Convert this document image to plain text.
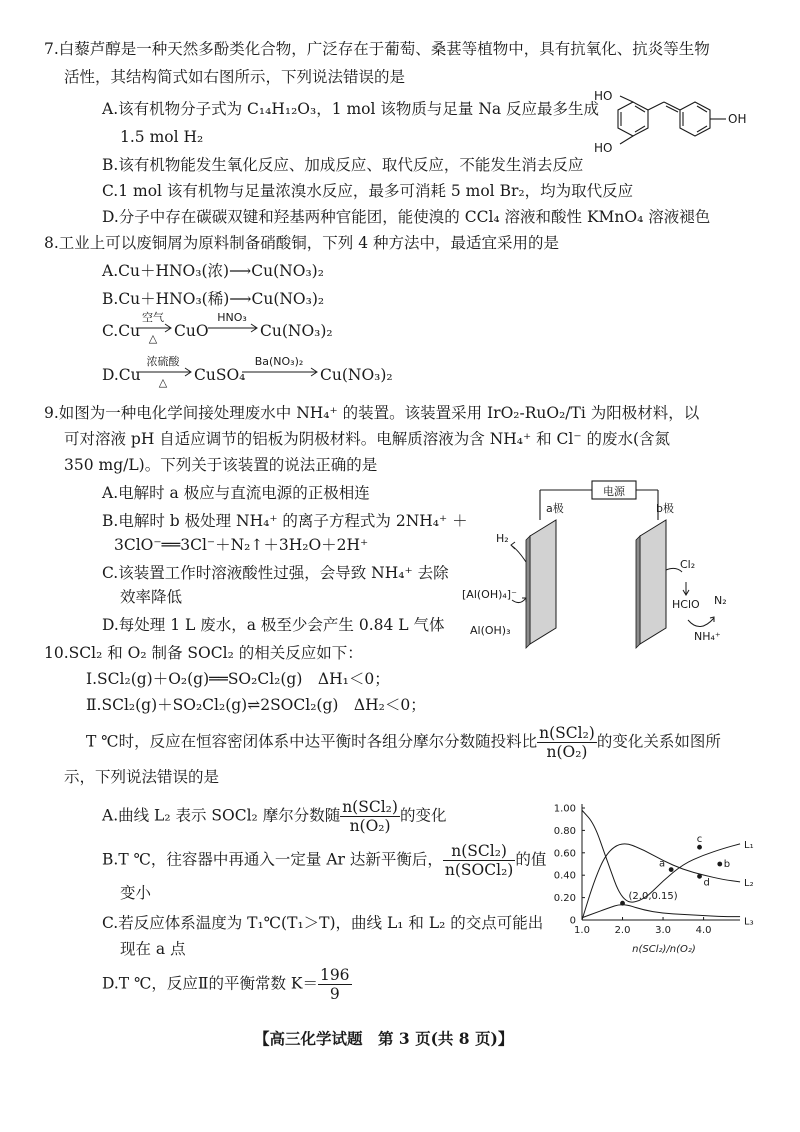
7.白藜芦醇是一种天然多酚类化合物，广泛存在于葡萄、桑葚等植物中，具有抗氧化、抗炎等生物
活性，其结构简式如右图所示，下列说法错误的是
A.该有机物分子式为 C₁₄H₁₂O₃，1 mol 该物质与足量 Na 反应最多生成
1.5 mol H₂
B.该有机物能发生氧化反应、加成反应、取代反应，不能发生消去反应
C.1 mol 该有机物与足量浓溴水反应，最多可消耗 5 mol Br₂，均为取代反应
D.分子中存在碳碳双键和羟基两种官能团，能使溴的 CCl₄ 溶液和酸性 KMnO₄ 溶液褪色
HO
HO
OH
8.工业上可以废铜屑为原料制备硝酸铜，下列 4 种方法中，最适宜采用的是
A.Cu＋HNO₃(浓)⟶Cu(NO₃)₂
B.Cu＋HNO₃(稀)⟶Cu(NO₃)₂
C.Cu
空气
△ CuO
HNO₃
Cu(NO₃)₂
D.Cu
浓硫酸
△ CuSO₄
Ba(NO₃)₂
Cu(NO₃)₂
9.如图为一种电化学间接处理废水中 NH₄⁺ 的装置。该装置采用 IrO₂-RuO₂/Ti 为阳极材料，以
可对溶液 pH 自适应调节的铝板为阴极材料。电解质溶液为含 NH₄⁺ 和 Cl⁻ 的废水(含氮
350 mg/L)。下列关于该装置的说法正确的是
A.电解时 a 极应与直流电源的正极相连
B.电解时 b 极处理 NH₄⁺ 的离子方程式为 2NH₄⁺ ＋
3ClO⁻══3Cl⁻＋N₂↑＋3H₂O＋2H⁺
C.该装置工作时溶液酸性过强，会导致 NH₄⁺ 去除
效率降低
D.每处理 1 L 废水，a 极至少会产生 0.84 L 气体
电源
a极	b极
H₂
[Al(OH)₄]⁻
Al(OH)₃
Cl₂
HClO N₂
NH₄⁺
10.SCl₂ 和 O₂ 制备 SOCl₂ 的相关反应如下：
Ⅰ.SCl₂(g)＋O₂(g)══SO₂Cl₂(g)　ΔH₁＜0；
Ⅱ.SCl₂(g)＋SO₂Cl₂(g)⇌2SOCl₂(g)　ΔH₂＜0；
T ℃时，反应在恒容密闭体系中达平衡时各组分摩尔分数随投料比 $\frac{\text{n(SCl₂)}}{\text{n(O₂)}}$ 的变化关系如图所
示，下列说法错误的是
A.曲线 L₂ 表示 SOCl₂ 摩尔分数随 $\frac{\text{n(SCl₂)}}{\text{n(O₂)}}$ 的变化
B.T ℃，往容器中再通入一定量 Ar 达新平衡后， $\frac{\text{n(SCl₂)}}{\text{n(SOCl₂)}}$ 的值
变小
C.若反应体系温度为 T₁℃(T₁＞T)，曲线 L₁ 和 L₂ 的交点可能出
现在 a 点
D.T ℃，反应Ⅱ的平衡常数 $K= \frac{196}{9}$
0
0.20
0.40
0.60
0.80
1.00
1.0 2.0 3.0 4.0
L₁
L₂
L₃
a	b
c
d
(2.0,0.15)
n(SCl₂)/n(O₂)
【高三化学试题　第 3 页(共 8 页)】
